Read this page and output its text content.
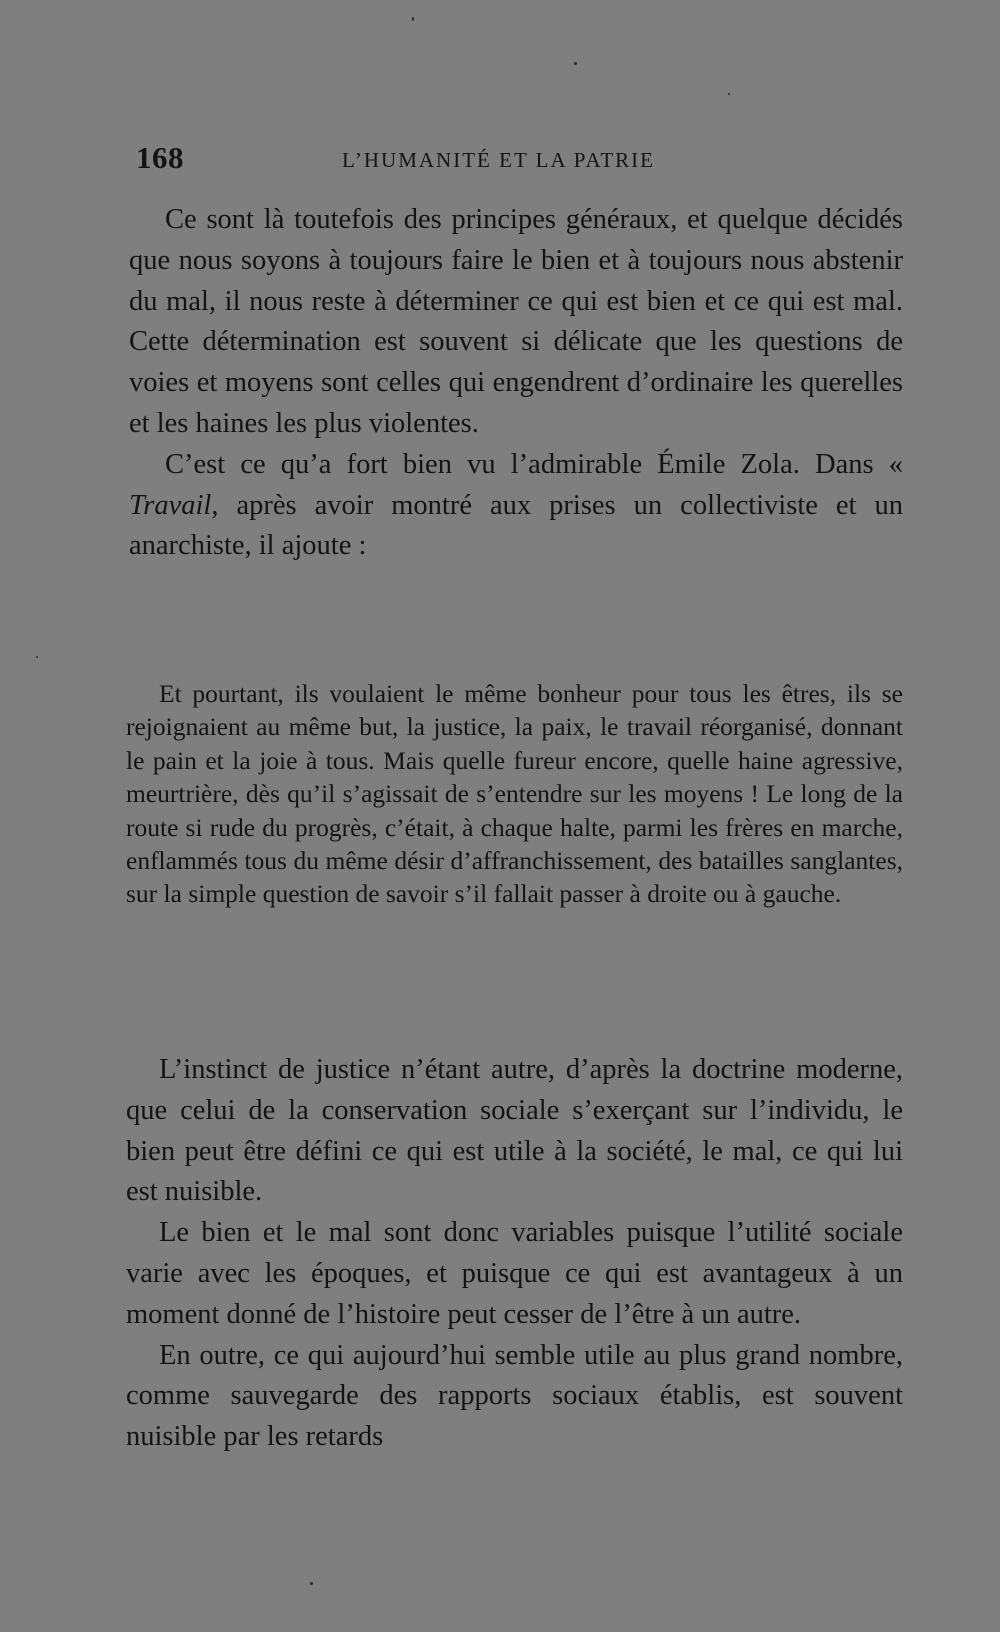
168	L’HUMANITÉ ET LA PATRIE

Ce sont là toutefois des principes généraux, et quelque décidés que nous soyons à toujours faire le bien et à toujours nous abstenir du mal, il nous reste à déterminer ce qui est bien et ce qui est mal. Cette détermination est souvent si délicate que les questions de voies et moyens sont celles qui engendrent d’ordinaire les querelles et les haines les plus violentes.

C’est ce qu’a fort bien vu l’admirable Émile Zola. Dans « Travail, après avoir montré aux prises un collectiviste et un anarchiste, il ajoute :

Et pourtant, ils voulaient le même bonheur pour tous les êtres, ils se rejoignaient au même but, la justice, la paix, le travail réorganisé, donnant le pain et la joie à tous. Mais quelle fureur encore, quelle haine agressive, meurtrière, dès qu’il s’agissait de s’entendre sur les moyens ! Le long de la route si rude du progrès, c’était, à chaque halte, parmi les frères en marche, enflammés tous du même désir d’affranchissement, des batailles sanglantes, sur la simple question de savoir s’il fallait passer à droite ou à gauche.

L’instinct de justice n’étant autre, d’après la doctrine moderne, que celui de la conservation sociale s’exerçant sur l’individu, le bien peut être défini ce qui est utile à la société, le mal, ce qui lui est nuisible.

Le bien et le mal sont donc variables puisque l’utilité sociale varie avec les époques, et puisque ce qui est avantageux à un moment donné de l’histoire peut cesser de l’être à un autre.

En outre, ce qui aujourd’hui semble utile au plus grand nombre, comme sauvegarde des rapports sociaux établis, est souvent nuisible par les retards
